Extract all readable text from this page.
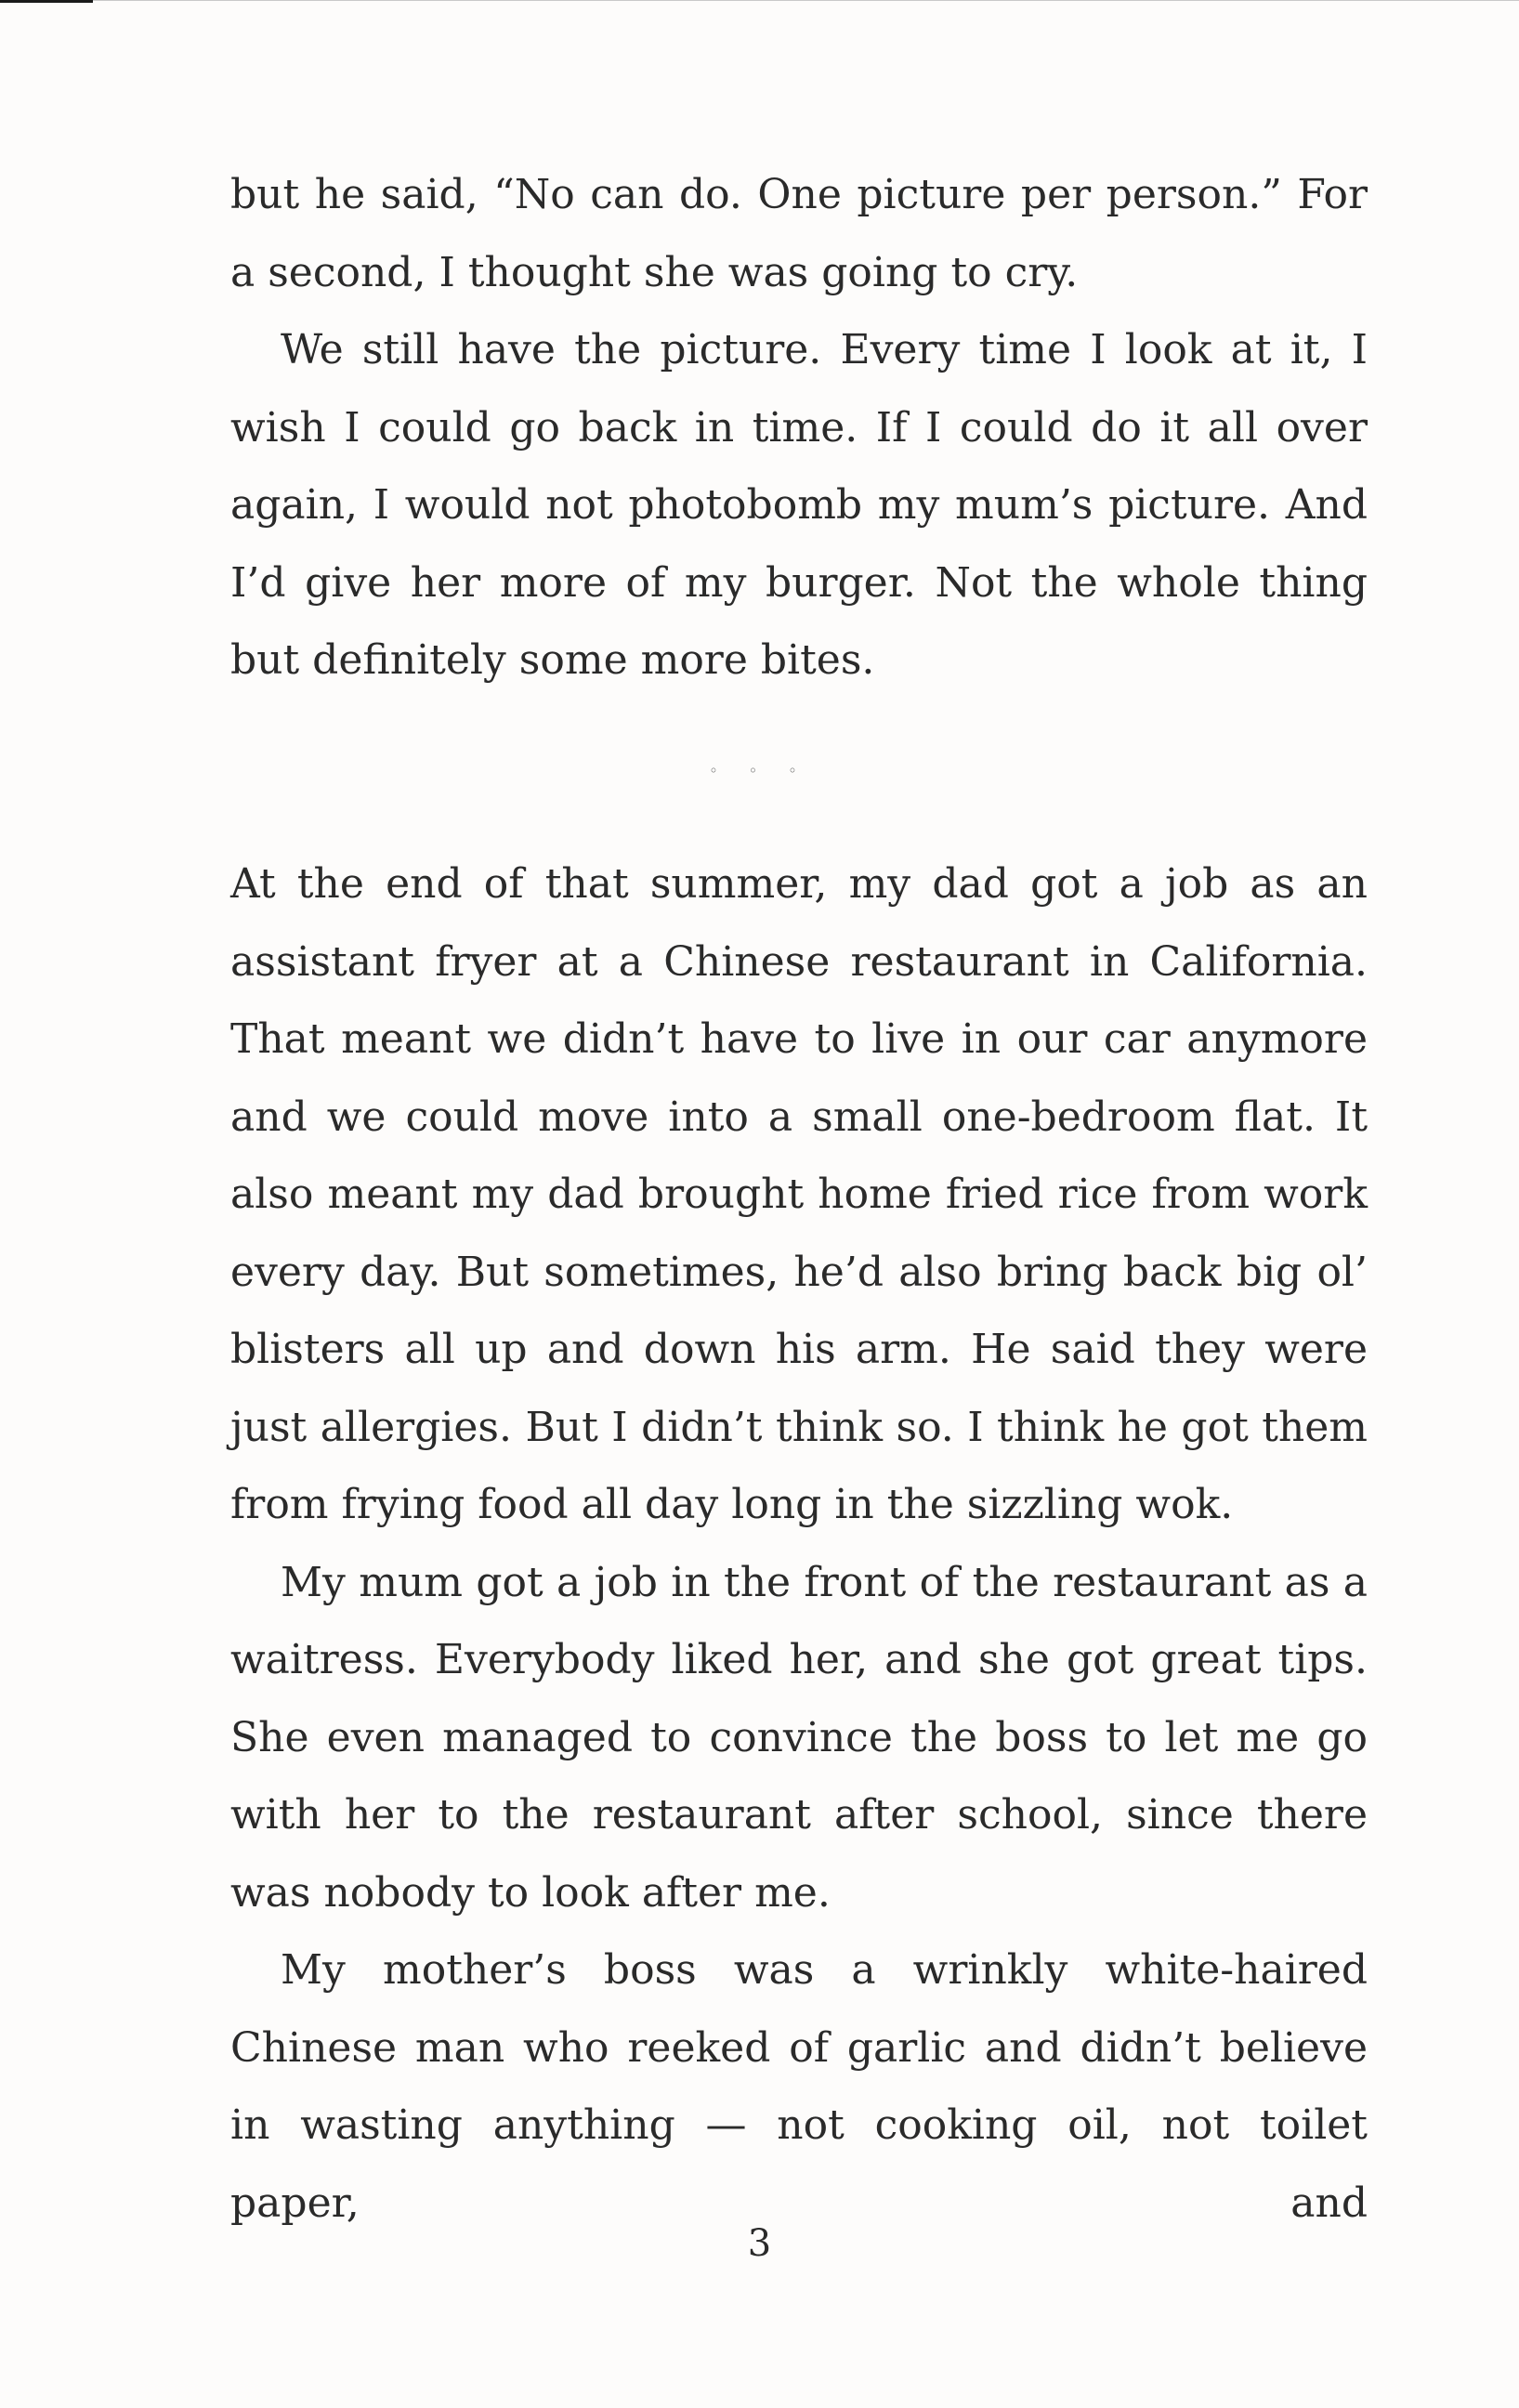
but he said, “No can do. One picture per person.” For a second, I thought she was going to cry.

We still have the picture. Every time I look at it, I wish I could go back in time. If I could do it all over again, I would not photobomb my mum’s picture. And I’d give her more of my burger. Not the whole thing but definitely some more bites.

◦ ◦ ◦

At the end of that summer, my dad got a job as an assistant fryer at a Chinese restaurant in California. That meant we didn’t have to live in our car anymore and we could move into a small one-bedroom flat. It also meant my dad brought home fried rice from work every day. But sometimes, he’d also bring back big ol’ blisters all up and down his arm. He said they were just allergies. But I didn’t think so. I think he got them from frying food all day long in the sizzling wok.

My mum got a job in the front of the restaurant as a waitress. Everybody liked her, and she got great tips. She even managed to convince the boss to let me go with her to the restaurant after school, since there was nobody to look after me.

My mother’s boss was a wrinkly white-haired Chinese man who reeked of garlic and didn’t believe in wasting anything — not cooking oil, not toilet paper, and

3
